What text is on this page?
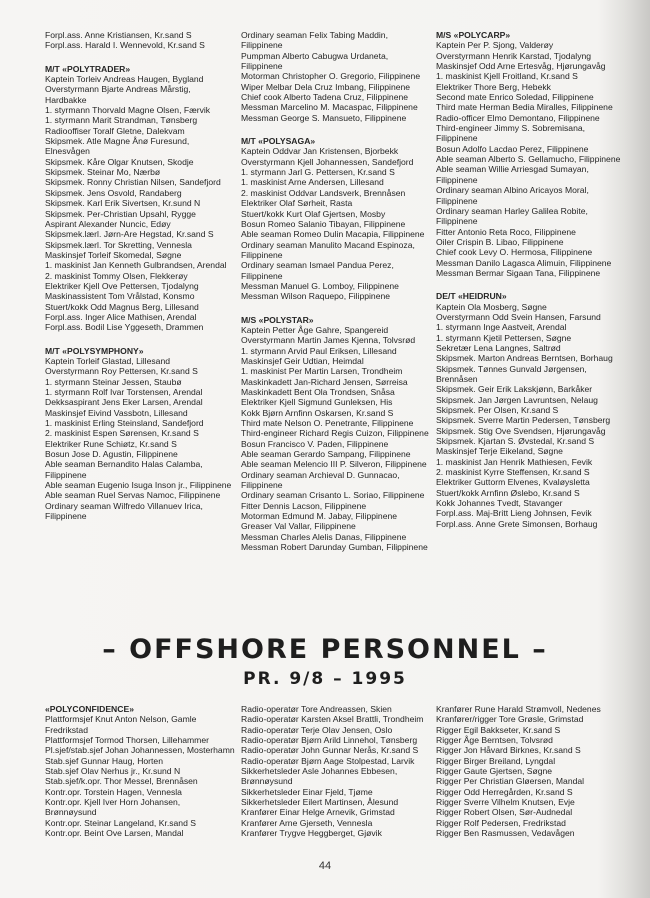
Forpl.ass. Anne Kristiansen, Kr.sand S
Forpl.ass. Harald I. Wennevold, Kr.sand S
M/T «POLYTRADER»
Kaptein Torleiv Andreas Haugen, Bygland
Overstyrmann Bjarte Andreas Mårstig,
Hardbakke
1. styrmann Thorvald Magne Olsen, Færvik
1. styrmann Marit Strandman, Tønsberg
Radiooffiser Toralf Gletne, Dalekvam
Skipsmek. Atle Magne Ånø Furesund,
Elnesvågen
Skipsmek. Kåre Olgar Knutsen, Skodje
Skipsmek. Steinar Mo, Nærbø
Skipsmek. Ronny Christian Nilsen, Sandefjord
Skipsmek. Jens Osvold, Randaberg
Skipsmek. Karl Erik Sivertsen, Kr.sund N
Skipsmek. Per-Christian Upsahl, Rygge
Aspirant Alexander Nuncic, Edøy
Skipsmek.lærl. Jørn-Are Hegstad, Kr.sand S
Skipsmek.lærl. Tor Skretting, Vennesla
Maskinsjef Torleif Skomedal, Søgne
1. maskinist Jan Kenneth Gulbrandsen, Arendal
2. maskinist Tommy Olsen, Flekkerøy
Elektriker Kjell Ove Pettersen, Tjodalyng
Maskinassistent Tom Vrålstad, Konsmo
Stuert/kokk Odd Magnus Berg, Lillesand
Forpl.ass. Inger Alice Mathisen, Arendal
Forpl.ass. Bodil Lise Yggeseth, Drammen
M/T «POLYSYMPHONY»
Kaptein Torleif Glastad, Lillesand
Overstyrmann Roy Pettersen, Kr.sand S
1. styrmann Steinar Jessen, Staubø
1. styrmann Rolf Ivar Torstensen, Arendal
Dekksaspirant Jens Eker Larsen, Arendal
Maskinsjef Eivind Vassbotn, Lillesand
1. maskinist Erling Steinsland, Sandefjord
2. maskinist Espen Sørensen, Kr.sand S
Elektriker Rune Schiøtz, Kr.sand S
Bosun Jose D. Agustin, Filippinene
Able seaman Bernandito Halas Calamba,
Filippinene
Able seaman Eugenio Isuga Inson jr., Filippinene
Able seaman Ruel Servas Namoc, Filippinene
Ordinary seaman Wilfredo Villanuev Irica,
Filippinene
Ordinary seaman Felix Tabing Maddin,
Filippinene
Pumpman Alberto Cabugwa Urdaneta,
Filippinene
Motorman Christopher O. Gregorio, Filippinene
Wiper Melbar Dela Cruz Imbang, Filippinene
Chief cook Alberto Tadena Cruz, Filippinene
Messman Marcelino M. Macaspac, Filippinene
Messman George S. Mansueto, Filippinene
M/T «POLYSAGA»
Kaptein Oddvar Jan Kristensen, Bjorbekk
Overstyrmann Kjell Johannessen, Sandefjord
1. styrmann Jarl G. Pettersen, Kr.sand S
1. maskinist Arne Andersen, Lillesand
2. maskinist Oddvar Landsverk, Brennåsen
Elektriker Olaf Sørheit, Rasta
Stuert/kokk Kurt Olaf Gjertsen, Mosby
Bosun Romeo Salanio Tibayan, Filippinene
Able seaman Romeo Dulin Macapia, Filippinene
Ordinary seaman Manulito Macand Espinoza,
Filippinene
Ordinary seaman Ismael Pandua Perez,
Filippinene
Messman Manuel G. Lomboy, Filippinene
Messman Wilson Raquepo, Filippinene
M/S «POLYSTAR»
Kaptein Petter Åge Gahre, Spangereid
Overstyrmann Martin James Kjenna, Tolvsrød
1. styrmann Arvid Paul Eriksen, Lillesand
Maskinsjef Geir Udtian, Heimdal
1. maskinist Per Martin Larsen, Trondheim
Maskinkadett Jan-Richard Jensen, Sørreisa
Maskinkadett Bent Ola Trondsen, Snåsa
Elektriker Kjell Sigmund Gunleksen, His
Kokk Bjørn Arnfinn Oskarsen, Kr.sand S
Third mate Nelson O. Penetrante, Filippinene
Third-engineer Richard Regis Cuizon, Filippinene
Bosun Francisco V. Paden, Filippinene
Able seaman Gerardo Sampang, Filippinene
Able seaman Melencio III P. Silveron, Filippinene
Ordinary seaman Archieval D. Gunnacao,
Filippinene
Ordinary seaman Crisanto L. Soriao, Filippinene
Fitter Dennis Lacson, Filippinene
Motorman Edmund M. Jabay, Filippinene
Greaser Val Vallar, Filippinene
Messman Charles Alelis Danas, Filippinene
Messman Robert Darunday Gumban, Filippinene
M/S «POLYCARP»
Kaptein Per P. Sjong, Valderøy
Overstyrmann Henrik Karstad, Tjodalyng
Maskinsjef Odd Arne Ertesvåg, Hjørungavåg
1. maskinist Kjell Froitland, Kr.sand S
Elektriker Thore Berg, Hebekk
Second mate Enrico Soledad, Filippinene
Third mate Herman Bedia Miralles, Filippinene
Radio-officer Elmo Demontano, Filippinene
Third-engineer Jimmy S. Sobremisana,
Filippinene
Bosun Adolfo Lacdao Perez, Filippinene
Able seaman Alberto S. Gellamucho, Filippinene
Able seaman Willie Arriesgad Sumayan,
Filippinene
Ordinary seaman Albino Aricayos Moral,
Filippinene
Ordinary seaman Harley Galilea Robite,
Filippinene
Fitter Antonio Reta Roco, Filippinene
Oiler Crispin B. Libao, Filippinene
Chief cook Levy O. Hermosa, Filippinene
Messman Danilo Lagasca Alimuin, Filippinene
Messman Bermar Sigaan Tana, Filippinene
DE/T «HEIDRUN»
Kaptein Ola Mosberg, Søgne
Overstyrmann Odd Svein Hansen, Farsund
1. styrmann Inge Aastveit, Arendal
1. styrmann Kjetil Pettersen, Søgne
Sekretær Lena Langnes, Saltrød
Skipsmek. Marton Andreas Berntsen, Borhaug
Skipsmek. Tønnes Gunvald Jørgensen,
Brennåsen
Skipsmek. Geir Erik Lakskjønn, Barkåker
Skipsmek. Jan Jørgen Lavruntsen, Nelaug
Skipsmek. Per Olsen, Kr.sand S
Skipsmek. Sverre Martin Pedersen, Tønsberg
Skipsmek. Stig Ove Svendsen, Hjørungavåg
Skipsmek. Kjartan S. Øvstedal, Kr.sand S
Maskinsjef Terje Eikeland, Søgne
1. maskinist Jan Henrik Mathiesen, Fevik
2. maskinist Kyrre Steffensen, Kr.sand S
Elektriker Guttorm Elvenes, Kvaløysletta
Stuert/kokk Arnfinn Øslebo, Kr.sand S
Kokk Johannes Tvedt, Stavanger
Forpl.ass. Maj-Britt Lieng Johnsen, Fevik
Forpl.ass. Anne Grete Simonsen, Borhaug
– OFFSHORE PERSONNEL –
PR. 9/8 – 1995
«POLYCONFIDENCE»
Plattformsjef Knut Anton Nelson, Gamle
Fredrikstad
Plattformsjef Tormod Thorsen, Lillehammer
Pl.sjef/stab.sjef Johan Johannessen, Mosterhamn
Stab.sjef Gunnar Haug, Horten
Stab.sjef Olav Nerhus jr., Kr.sund N
Stab.sjef/k.opr. Thor Messel, Brennåsen
Kontr.opr. Torstein Hagen, Vennesla
Kontr.opr. Kjell Iver Horn Johansen,
Brønnøysund
Kontr.opr. Steinar Langeland, Kr.sand S
Kontr.opr. Beint Ove Larsen, Mandal
Radio-operatør Tore Andreassen, Skien
Radio-operatør Karsten Aksel Brattli, Trondheim
Radio-operatør Terje Olav Jensen, Oslo
Radio-operatør Bjørn Arild Linnehol, Tønsberg
Radio-operatør John Gunnar Nerås, Kr.sand S
Radio-operatør Bjørn Aage Stolpestad, Larvik
Sikkerhetsleder Asle Johannes Ebbesen,
Brønnøysund
Sikkerhetsleder Einar Fjeld, Tjøme
Sikkerhetsleder Eilert Martinsen, Ålesund
Kranfører Einar Helge Arnevik, Grimstad
Kranfører Arne Gjerseth, Vennesla
Kranfører Trygve Heggberget, Gjøvik
Kranfører Rune Harald Strømvoll, Nedenes
Kranfører/rigger Tore Grøsle, Grimstad
Rigger Egil Bakkseter, Kr.sand S
Rigger Åge Berntsen, Tolvsrød
Rigger Jon Håvard Birknes, Kr.sand S
Rigger Birger Breiland, Lyngdal
Rigger Gaute Gjertsen, Søgne
Rigger Per Christian Gløersen, Mandal
Rigger Odd Herregården, Kr.sand S
Rigger Sverre Vilhelm Knutsen, Evje
Rigger Robert Olsen, Sør-Audnedal
Rigger Rolf Pedersen, Fredrikstad
Rigger Ben Rasmussen, Vedavågen
44
